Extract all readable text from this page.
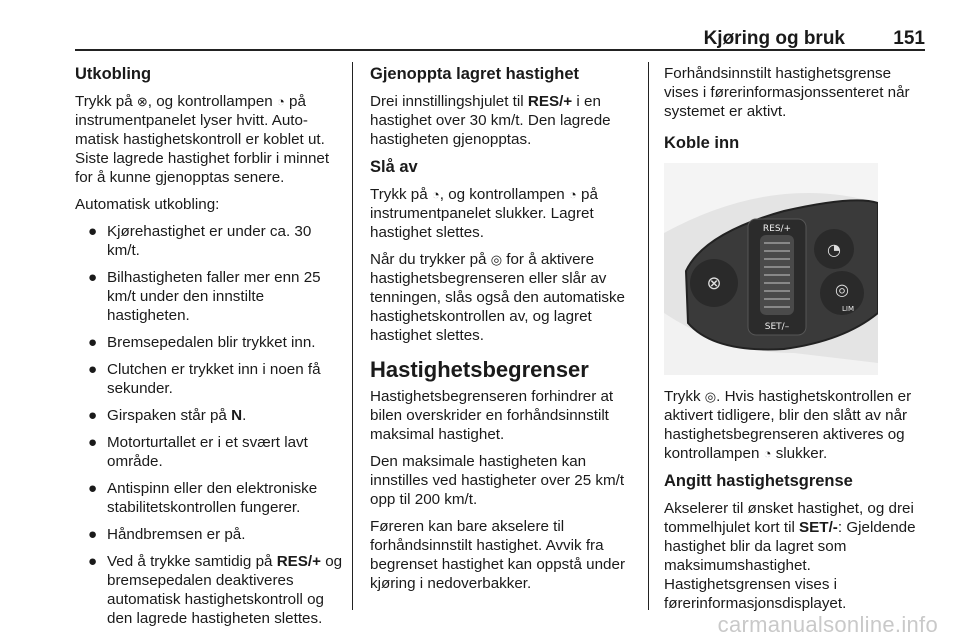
Kjøring og bruk	151
Utkobling

Trykk på ⊗, og kontrollampen ◔ på instrumentpanelet lyser hvitt. Auto-matisk hastighetskontroll er koblet ut. Siste lagrede hastighet forblir i minnet for å kunne gjenopptas senere.

Automatisk utkobling:

● Kjørehastighet er under ca. 30 km/t.
● Bilhastigheten faller mer enn 25 km/t under den innstilte hastigheten.
● Bremsepedalen blir trykket inn.
● Clutchen er trykket inn i noen få sekunder.
● Girspaken står på N.
● Motorturtallet er i et svært lavt område.
● Antispinn eller den elektroniske stabilitetskontrollen fungerer.
● Håndbremsen er på.
● Ved å trykke samtidig på RES/+ og bremsepedalen deaktiveres automatisk hastighetskontroll og den lagrede hastigheten slettes.
Gjenoppta lagret hastighet

Drei innstillingshjulet til RES/+ i en hastighet over 30 km/t. Den lagrede hastigheten gjenopptas.

Slå av

Trykk på ◔, og kontrollampen ◔ på instrumentpanelet slukker. Lagret hastighet slettes.

Når du trykker på ◎ for å aktivere hastighetsbegrenseren eller slår av tenningen, slås også den automatiske hastighetskontrollen av, og lagret hastighet slettes.

Hastighetsbegrenser

Hastighetsbegrenseren forhindrer at bilen overskrider en forhåndsinnstilt maksimal hastighet.

Den maksimale hastigheten kan innstilles ved hastigheter over 25 km/t opp til 200 km/t.

Føreren kan bare akselere til forhåndsinnstilt hastighet. Avvik fra begrenset hastighet kan oppstå under kjøring i nedoverbakker.

Forhåndsinnstilt hastighetsgrense vises i førerinformasjonssenteret når systemet er aktivt.

Koble inn
⊗
RES/+
SET/–
◔
◎
LIM

Trykk ◎. Hvis hastighetskontrollen er aktivert tidligere, blir den slått av når hastighetsbegrenseren aktiveres og kontrollampen ◔ slukker.

Angitt hastighetsgrense

Akselerer til ønsket hastighet, og drei tommelhjulet kort til SET/-: Gjeldende hastighet blir da lagret som maksimumshastighet. Hastighetsgrensen vises i førerinformasjonsdisplayet.

carmanualsonline.info
